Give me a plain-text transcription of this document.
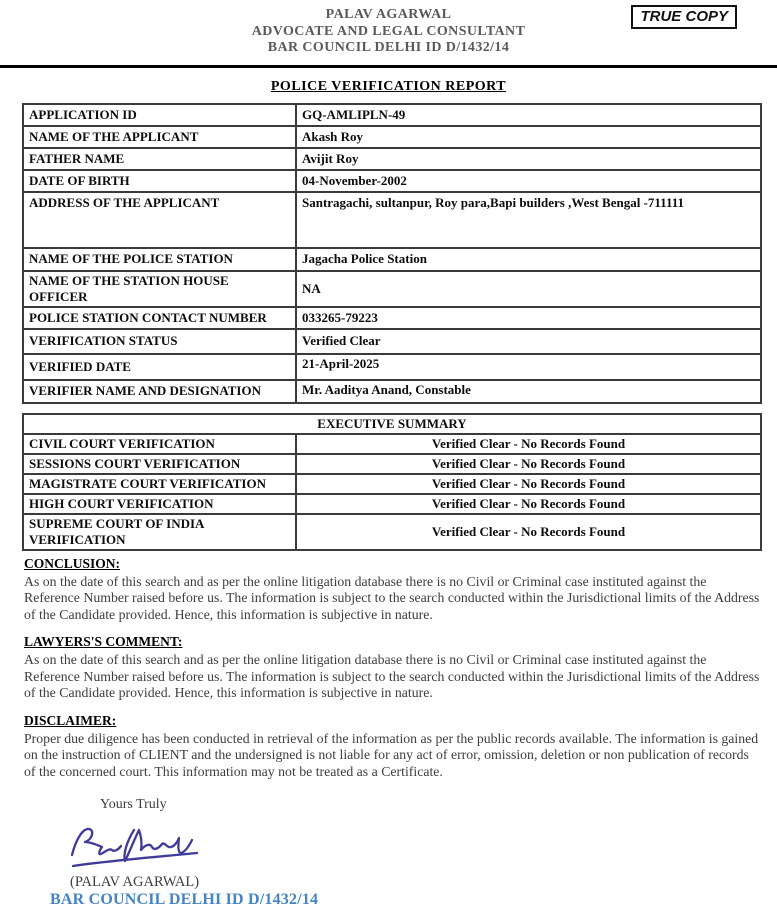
PALAV AGARWAL
ADVOCATE AND LEGAL CONSULTANT
BAR COUNCIL DELHI ID D/1432/14
TRUE COPY
POLICE VERIFICATION REPORT
APPLICATION ID	GQ-AMLIPLN-49
NAME OF THE APPLICANT	Akash Roy
FATHER NAME	Avijit Roy
DATE OF BIRTH	04-November-2002
ADDRESS OF THE APPLICANT	Santragachi, sultanpur, Roy para,Bapi builders ,West Bengal -711111
NAME OF THE POLICE STATION	Jagacha Police Station
NAME OF THE STATION HOUSE OFFICER	NA
POLICE STATION CONTACT NUMBER	033265-79223
VERIFICATION STATUS	Verified Clear
VERIFIED DATE	21-April-2025
VERIFIER NAME AND DESIGNATION	Mr. Aaditya Anand, Constable
EXECUTIVE SUMMARY	
CIVIL COURT VERIFICATION	Verified Clear - No Records Found
SESSIONS COURT VERIFICATION	Verified Clear - No Records Found
MAGISTRATE COURT VERIFICATION	Verified Clear - No Records Found
HIGH COURT VERIFICATION	Verified Clear - No Records Found
SUPREME COURT OF INDIA VERIFICATION	Verified Clear - No Records Found
CONCLUSION:

As on the date of this search and as per the online litigation database there is no Civil or Criminal case instituted against the Reference Number raised before us. The information is subject to the search conducted within the Jurisdictional limits of the Address of the Candidate provided. Hence, this information is subjective in nature.

LAWYERS'S COMMENT:

As on the date of this search and as per the online litigation database there is no Civil or Criminal case instituted against the Reference Number raised before us. The information is subject to the search conducted within the Jurisdictional limits of the Address of the Candidate provided. Hence, this information is subjective in nature.

DISCLAIMER:

Proper due diligence has been conducted in retrieval of the information as per the public records available. The information is gained on the instruction of CLIENT and the undersigned is not liable for any act of error, omission, deletion or non publication of records of the concerned court. This information may not be treated as a Certificate.

Yours Truly
(PALAV AGARWAL)
BAR COUNCIL DELHI ID D/1432/14
